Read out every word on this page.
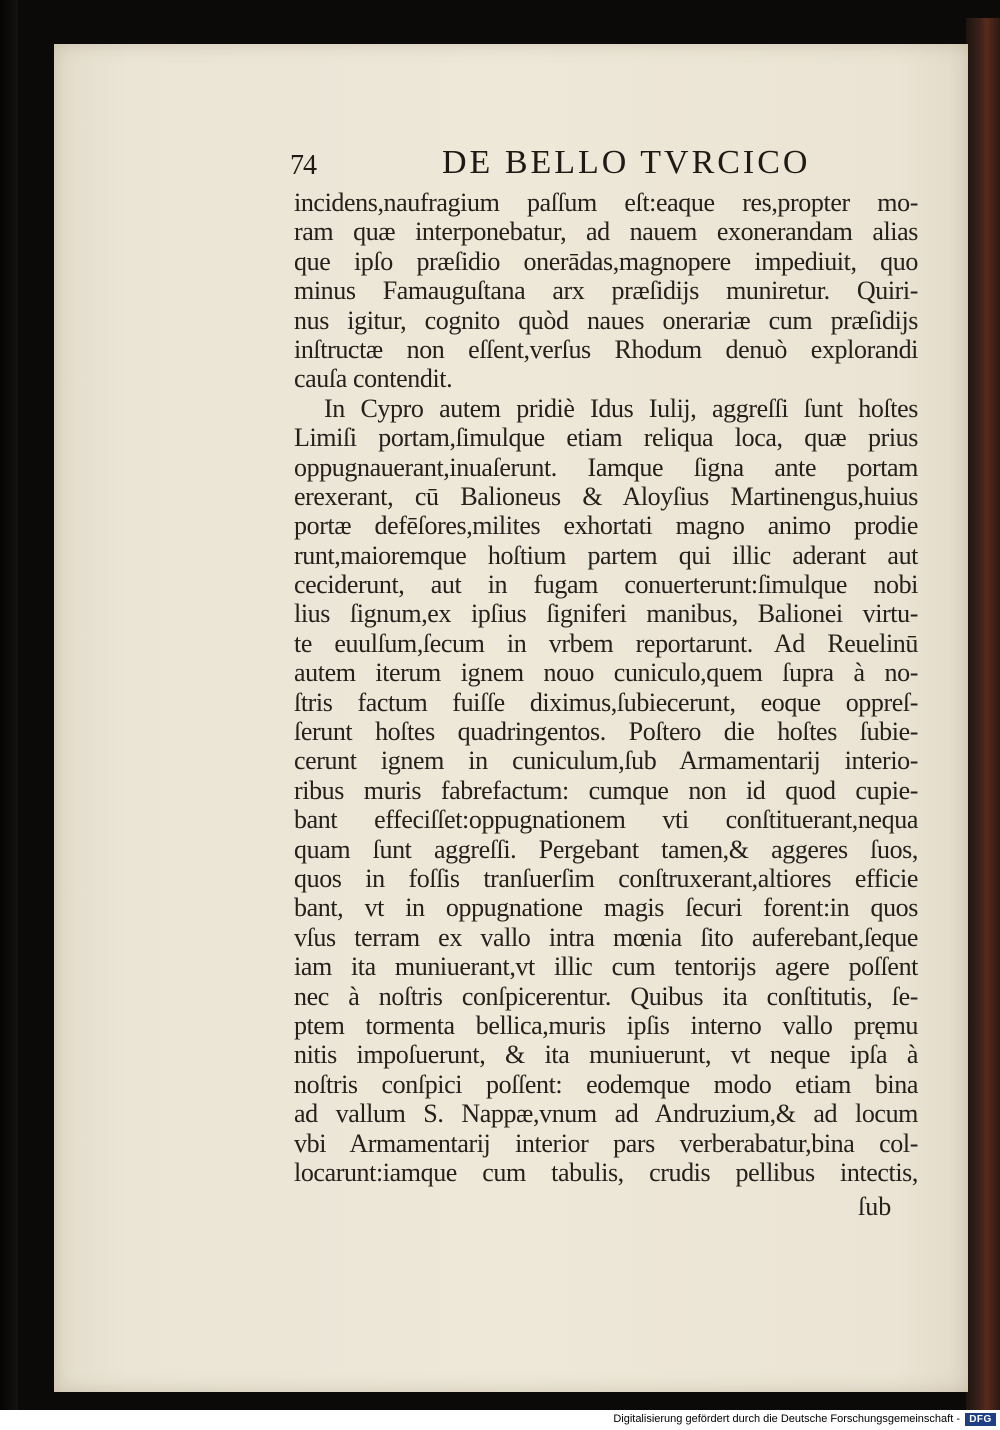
74	DE BELLO TVRCICO
incidens,naufragium paſſum eſt:eaque res,propter mo-
ram quæ interponebatur, ad nauem exonerandam alias
que ipſo præſidio onerādas,magnopere impediuit, quo
minus Famauguſtana arx præſidijs muniretur. Quiri-
nus igitur, cognito quòd naues onerariæ cum præſidijs
inſtructæ non eſſent,verſus Rhodum denuò explorandi
cauſa contendit.
In Cypro autem pridiè Idus Iulij, aggreſſi ſunt hoſtes
Limiſi portam,ſimulque etiam reliqua loca, quæ prius
oppugnauerant,inuaſerunt. Iamque ſigna ante portam
erexerant, cū Balioneus & Aloyſius Martinengus,huius
portæ defēſores,milites exhortati magno animo prodie
runt,maioremque hoſtium partem qui illic aderant aut
ceciderunt, aut in fugam conuerterunt:ſimulque nobi
lius ſignum,ex ipſius ſigniferi manibus, Balionei virtu-
te euulſum,ſecum in vrbem reportarunt. Ad Reuelinū
autem iterum ignem nouo cuniculo,quem ſupra à no-
ſtris factum fuiſſe diximus,ſubiecerunt, eoque oppreſ-
ſerunt hoſtes quadringentos. Poſtero die hoſtes ſubie-
cerunt ignem in cuniculum,ſub Armamentarij interio-
ribus muris fabrefactum: cumque non id quod cupie-
bant effeciſſet:oppugnationem vti conſtituerant,nequa
quam ſunt aggreſſi. Pergebant tamen,& aggeres ſuos,
quos in foſſis tranſuerſim conſtruxerant,altiores efficie
bant, vt in oppugnatione magis ſecuri forent:in quos
vſus terram ex vallo intra mœnia ſito auferebant,ſeque
iam ita muniuerant,vt illic cum tentorijs agere poſſent
nec à noſtris conſpicerentur. Quibus ita conſtitutis, ſe-
ptem tormenta bellica,muris ipſis interno vallo pręmu
nitis impoſuerunt, & ita muniuerunt, vt neque ipſa à
noſtris conſpici poſſent: eodemque modo etiam bina
ad vallum S. Nappæ,vnum ad Andruzium,& ad locum
vbi Armamentarij interior pars verberabatur,bina col-
locarunt:iamque cum tabulis, crudis pellibus intectis,
ſub
Digitalisierung gefördert durch die Deutsche Forschungsgemeinschaft - DFG
